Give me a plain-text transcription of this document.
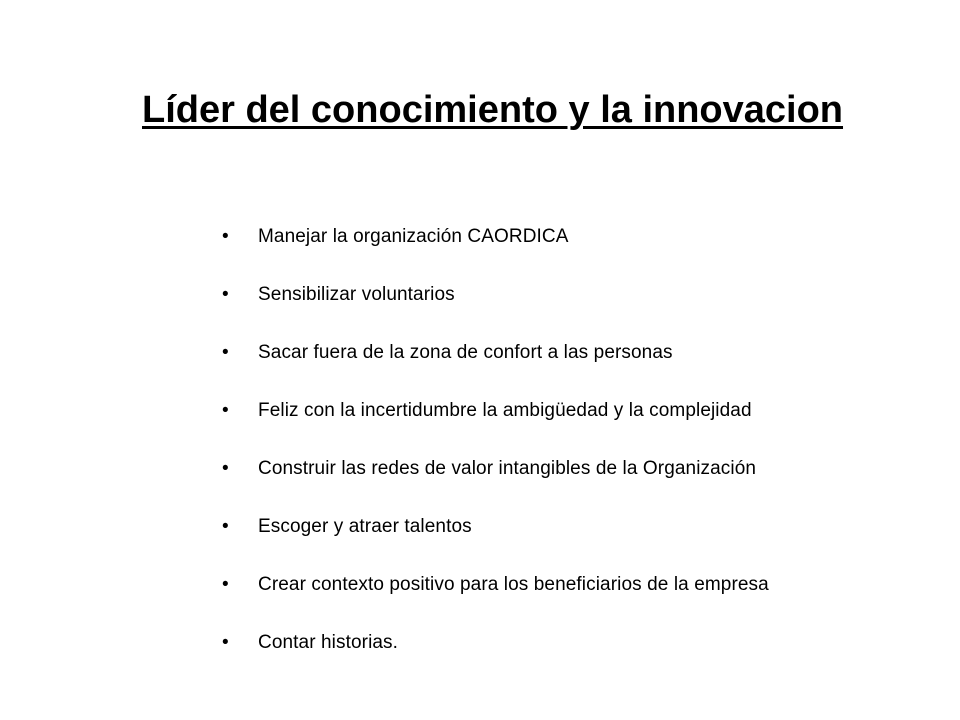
Líder del conocimiento y la innovacion
•	Manejar la organización CAORDICA
•	Sensibilizar voluntarios
•	Sacar fuera de la zona de confort a las personas
•	Feliz con la incertidumbre la ambigüedad y la complejidad
•	Construir las redes de valor intangibles de la Organización
•	Escoger y atraer talentos
•	Crear contexto positivo para los beneficiarios de la empresa
•	Contar historias.
